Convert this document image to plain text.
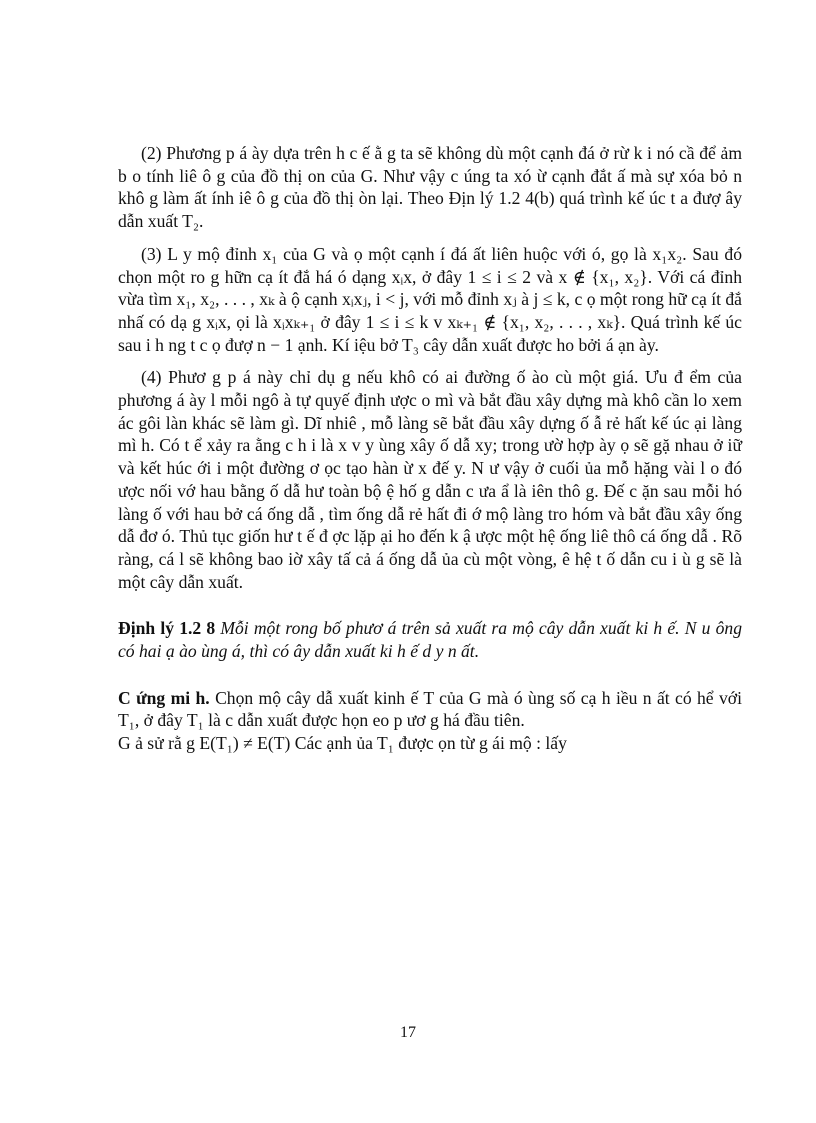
(2) Phương p á ày dựa trên h c ế ằ g ta sẽ không dù một cạnh đá ở rừ k i nó cầ để ảm b o tính liê ô g của đồ thị on của G. Như vậy c úng ta xó ừ cạnh đắt ấ mà sự xóa bỏ n khô g làm ất ính iê ô g của đồ thị òn lại. Theo Địn lý 1.2 4(b) quá trình kế úc t a đượ ây dẫn xuất T₂.

(3) L y mộ đỉnh x₁ của G và ọ một cạnh í đá ất liên huộc với ó, gọ là x₁x₂. Sau đó chọn một ro g hữn cạ ít đắ há ó dạng xᵢx, ở đây 1 ≤ i ≤ 2 và x ∉ {x₁, x₂}. Với cá đỉnh vừa tìm x₁, x₂, . . . , xₖ à ộ cạnh xᵢxⱼ, i < j, với mỗ đỉnh xⱼ à j ≤ k, c ọ một rong hữ cạ ít đắ nhấ có dạ g xᵢx, ọi là xᵢxₖ₊₁ ở đây 1 ≤ i ≤ k v xₖ₊₁ ∉ {x₁, x₂, . . . , xₖ}. Quá trình kế úc sau i h ng t c ọ đượ n − 1 ạnh. Kí iệu bở T₃ cây dẫn xuất được ho bởi á ạn ày.

(4) Phươ g p á này chỉ dụ g nếu khô có ai đường ố ào cù một giá. Ưu đ ểm của phương á ày l mỗi ngô à tự quyế định ược o mì và bắt đầu xây dựng mà khô cần lo xem ác gôi làn khác sẽ làm gì. Dĩ nhiê , mỗ làng sẽ bắt đầu xây dựng ố ẫ rẻ hất kế úc ại làng mì h. Có t ể xảy ra ằng c h i là x v y ùng xây ố dẫ xy; trong ườ hợp ày ọ sẽ gặ nhau ở iữ và kết húc ới i một đường ơ ọc tạo hàn ừ x đế y. N ư vậy ở cuối ủa mỗ hặng vài l o đó ược nối vớ hau bằng ố dẫ hư toàn bộ ệ hố g dẫn c ưa ẩ là iên thô g. Đế c ặn sau mỗi hó làng ố với hau bở cá ống dẫ , tìm ống dẫ rẻ hất đi ớ mộ làng tro hóm và bắt đầu xây ống dẫ đơ ó. Thủ tục giốn hư t ế đ ợc lặp ại ho đến k ậ ược một hệ ống liê thô cá ống dẫ . Rõ ràng, cá l sẽ không bao iờ xây tấ cả á ống dẫ ủa cù một vòng, ê hệ t ố dẫn cu i ù g sẽ là một cây dẫn xuất.

Định lý 1.2 8 Mỗi một rong bố phươ á trên sả xuất ra mộ cây dẫn xuất ki h ế. N u ông có hai ạ ào ùng á, thì có ây dẫn xuất ki h ế d y n ất.

C ứng mi h. Chọn mộ cây dẫ xuất kinh ế T của G mà ó ùng số cạ h iều n ất có hể với T₁, ở đây T₁ là c dẫn xuất được họn eo p ươ g há đầu tiên.

G ả sử rằ g E(T₁) ≠ E(T) Các ạnh ủa T₁ được ọn từ g ái mộ : lấy

17
